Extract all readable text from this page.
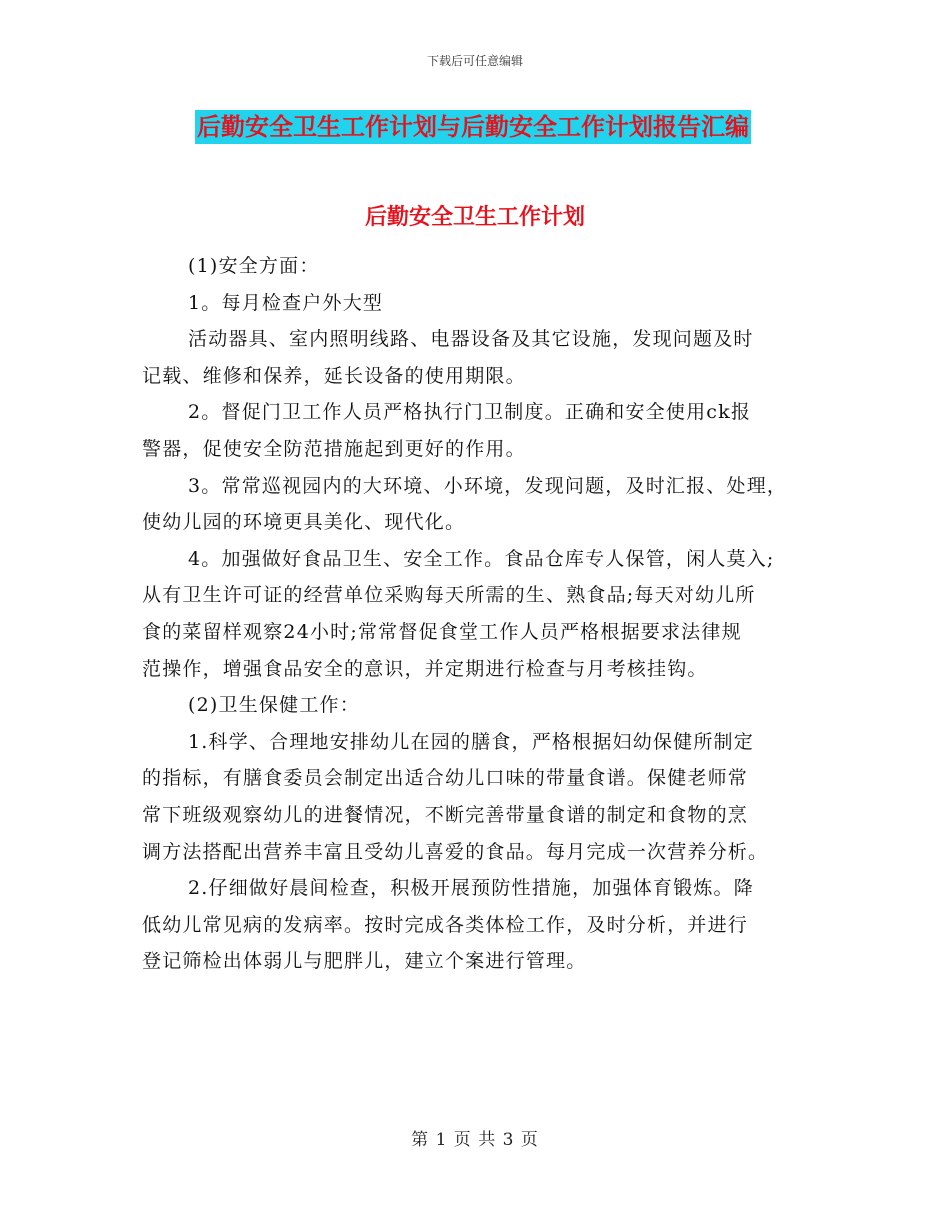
下载后可任意编辑
后勤安全卫生工作计划与后勤安全工作计划报告汇编
后勤安全卫生工作计划
(1)安全方面：
1。每月检查户外大型
活动器具、室内照明线路、电器设备及其它设施，发现问题及时
记载、维修和保养，延长设备的使用期限。
2。督促门卫工作人员严格执行门卫制度。正确和安全使用ck报
警器，促使安全防范措施起到更好的作用。
3。常常巡视园内的大环境、小环境，发现问题，及时汇报、处理，
使幼儿园的环境更具美化、现代化。
4。加强做好食品卫生、安全工作。食品仓库专人保管，闲人莫入;
从有卫生许可证的经营单位采购每天所需的生、熟食品;每天对幼儿所
食的菜留样观察24小时;常常督促食堂工作人员严格根据要求法律规
范操作，增强食品安全的意识，并定期进行检查与月考核挂钩。
(2)卫生保健工作：
1.科学、合理地安排幼儿在园的膳食，严格根据妇幼保健所制定
的指标，有膳食委员会制定出适合幼儿口味的带量食谱。保健老师常
常下班级观察幼儿的进餐情况，不断完善带量食谱的制定和食物的烹
调方法搭配出营养丰富且受幼儿喜爱的食品。每月完成一次营养分析。
2.仔细做好晨间检查，积极开展预防性措施，加强体育锻炼。降
低幼儿常见病的发病率。按时完成各类体检工作，及时分析，并进行
登记筛检出体弱儿与肥胖儿，建立个案进行管理。
第 1 页 共 3 页
